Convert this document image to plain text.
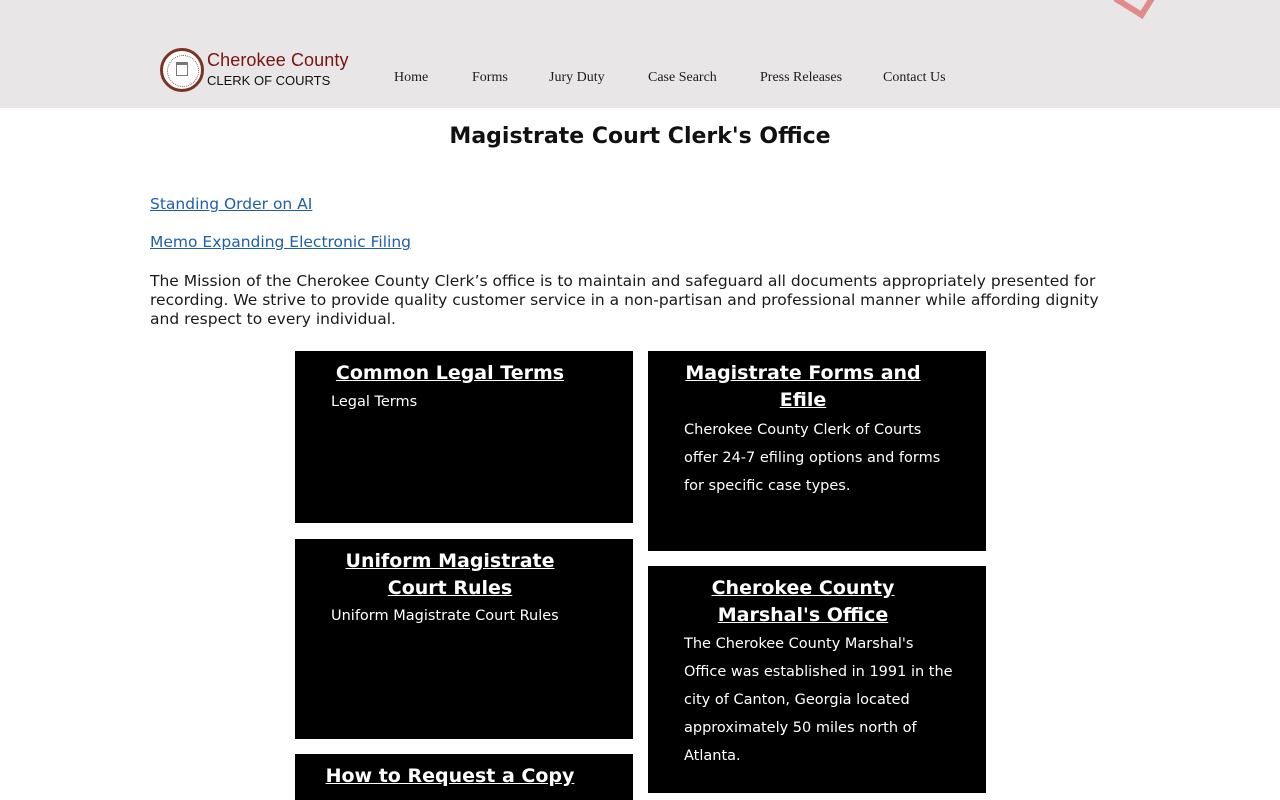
Cherokee County
CLERK OF COURTS	Home	Forms	Jury Duty	Case Search	Press Releases	Contact Us
Magistrate Court Clerk's Office
Standing Order on AI
Memo Expanding Electronic Filing

The Mission of the Cherokee County Clerk’s office is to maintain and safeguard all documents appropriately presented for recording. We strive to provide quality customer service in a non-partisan and professional manner while affording dignity and respect to every individual.

Common Legal Terms
Legal Terms
Magistrate Forms and Efile
Cherokee County Clerk of Courts offer 24-7 efiling options and forms for specific case types.
Uniform Magistrate Court Rules
Uniform Magistrate Court Rules
Cherokee County Marshal's Office
The Cherokee County Marshal's Office was established in 1991 in the city of Canton, Georgia located approximately 50 miles north of Atlanta.
How to Request a Copy
